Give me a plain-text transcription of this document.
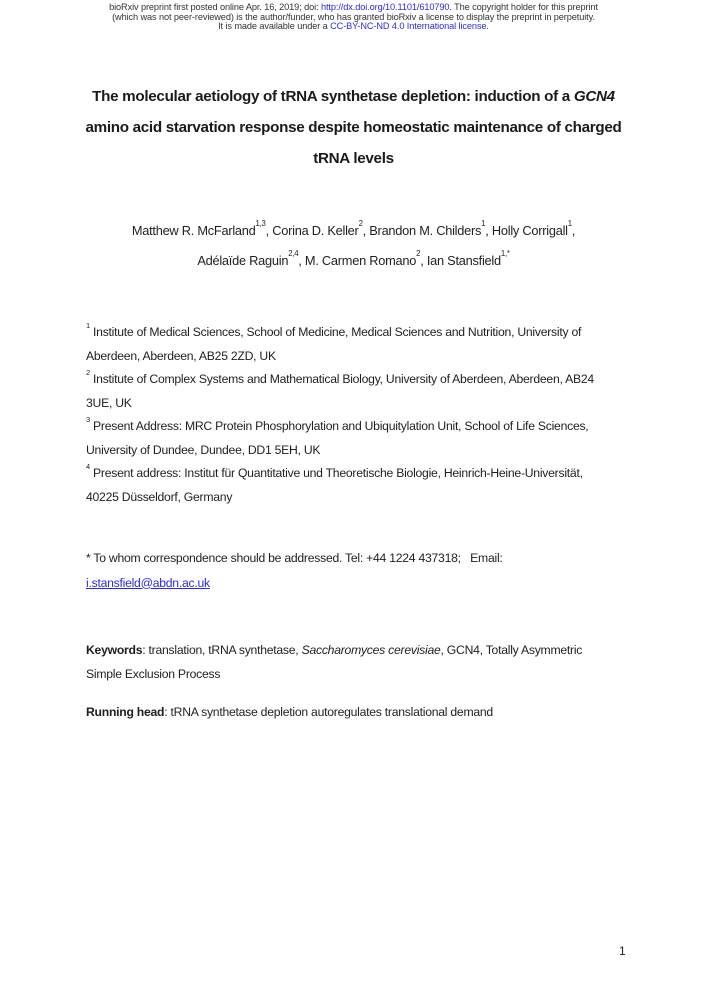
bioRxiv preprint first posted online Apr. 16, 2019; doi: http://dx.doi.org/10.1101/610790. The copyright holder for this preprint
(which was not peer-reviewed) is the author/funder, who has granted bioRxiv a license to display the preprint in perpetuity.
It is made available under a CC-BY-NC-ND 4.0 International license.
The molecular aetiology of tRNA synthetase depletion: induction of a GCN4
amino acid starvation response despite homeostatic maintenance of charged
tRNA levels
Matthew R. McFarland$^{1,3}$, Corina D. Keller$^2$, Brandon M. Childers$^1$, Holly Corrigall$^1$,
Adélaïde Raguin$^{2,4}$, M. Carmen Romano$^2$, Ian Stansfield$^{1,*}$
$^1$ Institute of Medical Sciences, School of Medicine, Medical Sciences and Nutrition, University of
Aberdeen, Aberdeen, AB25 2ZD, UK
$^2$ Institute of Complex Systems and Mathematical Biology, University of Aberdeen, Aberdeen, AB24
3UE, UK
$^3$ Present Address: MRC Protein Phosphorylation and Ubiquitylation Unit, School of Life Sciences,
University of Dundee, Dundee, DD1 5EH, UK
$^4$ Present address: Institut für Quantitative und Theoretische Biologie, Heinrich-Heine-Universität,
40225 Düsseldorf, Germany
* To whom correspondence should be addressed. Tel: +44 1224 437318;   Email:
i.stansfield@abdn.ac.uk
Keywords: translation, tRNA synthetase, Saccharomyces cerevisiae, GCN4, Totally Asymmetric
Simple Exclusion Process
Running head: tRNA synthetase depletion autoregulates translational demand
1
